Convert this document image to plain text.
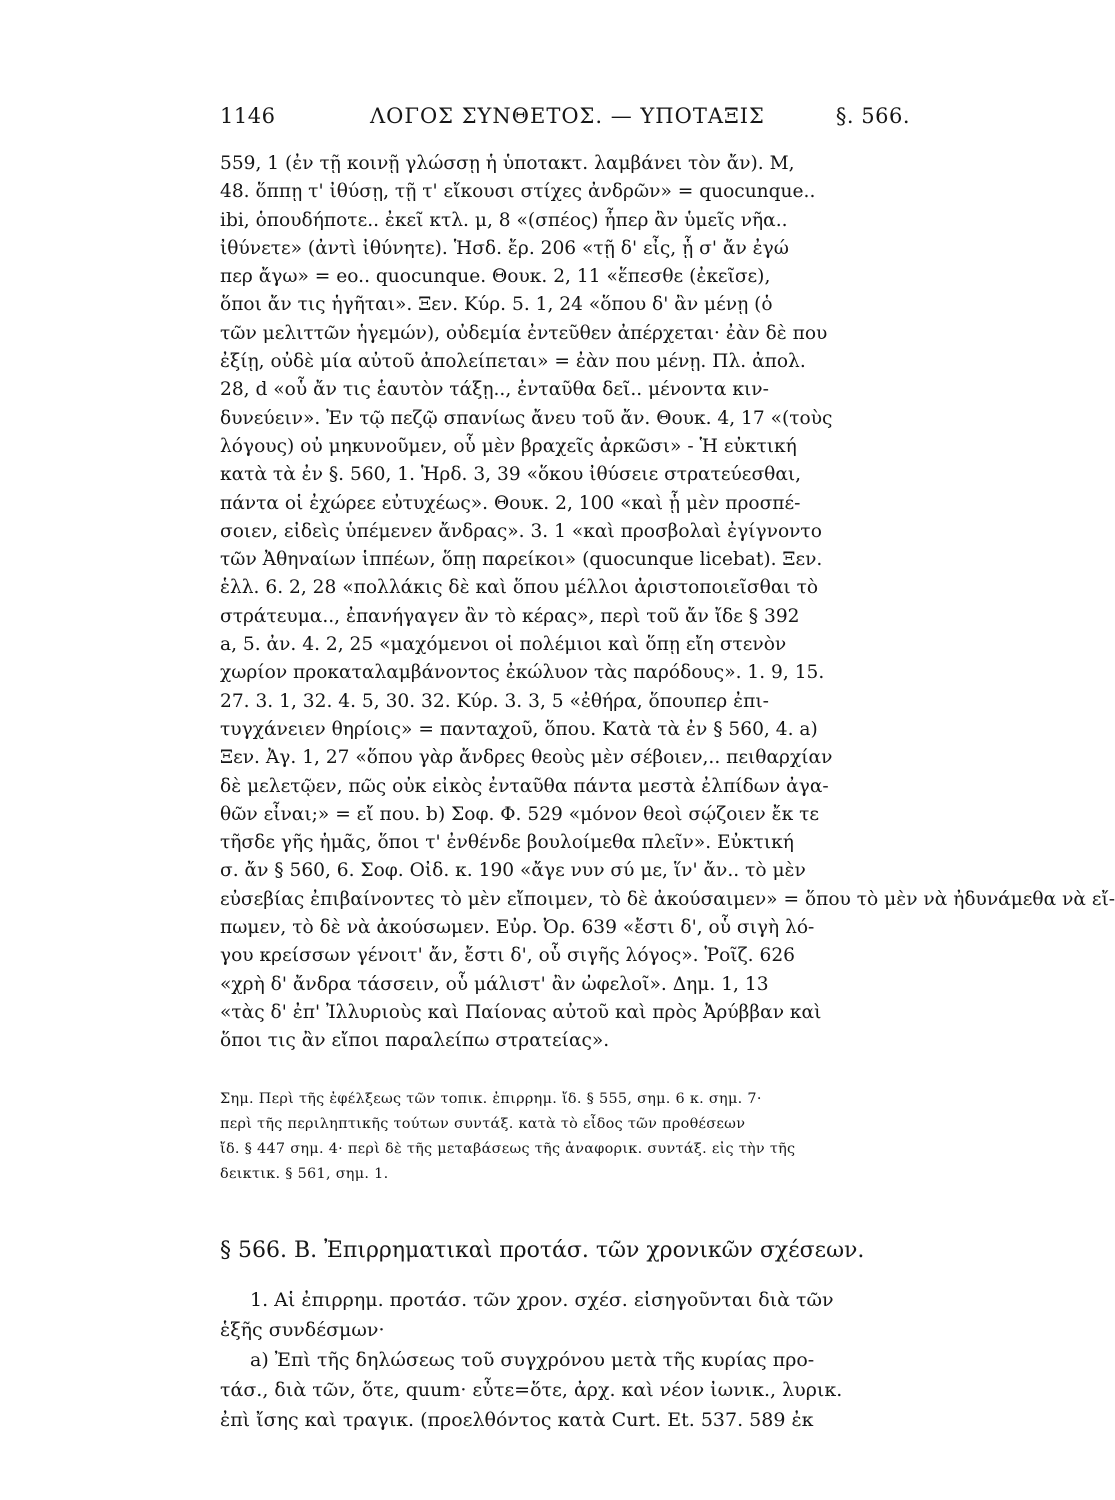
1146	ΛΟΓΟΣ ΣΥΝΘΕΤΟΣ. — ΥΠΟΤΑΞΙΣ	§. 566.
559, 1 (ἐν τῇ κοινῇ γλώσσῃ ἡ ὑποτακτ. λαμβάνει τὸν ἄν). Μ,
48. ὅππῃ τ' ἰθύσῃ, τῇ τ' εἴκουσι στίχες ἀνδρῶν» = quocunque..
ibi, ὁπουδήποτε.. ἐκεῖ κτλ. μ, 8 «(σπέος) ἧπερ ἂν ὑμεῖς νῆα..
ἰθύνετε» (ἀντὶ ἰθύνητε). Ἡσδ. ἔρ. 206 «τῇ δ' εἶς, ᾗ σ' ἄν ἐγώ
περ ἄγω» = eo.. quocunque. Θουκ. 2, 11 «ἕπεσθε (ἐκεῖσε),
ὅποι ἄν τις ἡγῆται». Ξεν. Κύρ. 5. 1, 24 «ὅπου δ' ἂν μένῃ (ὁ
τῶν μελιττῶν ἡγεμών), οὐδεμία ἐντεῦθεν ἀπέρχεται· ἐὰν δὲ που
ἐξίῃ, οὐδὲ μία αὐτοῦ ἀπολείπεται» = ἐὰν που μένῃ. Πλ. ἀπολ.
28, d «οὗ ἄν τις ἑαυτὸν τάξῃ.., ἐνταῦθα δεῖ.. μένοντα κιν-
δυνεύειν». Ἐν τῷ πεζῷ σπανίως ἄνευ τοῦ ἄν. Θουκ. 4, 17 «(τοὺς
λόγους) οὐ μηκυνοῦμεν, οὗ μὲν βραχεῖς ἀρκῶσι» - Ἡ εὐκτική
κατὰ τὰ ἐν §. 560, 1. Ἡρδ. 3, 39 «ὅκου ἰθύσειε στρατεύεσθαι,
πάντα οἱ ἐχώρεε εὐτυχέως». Θουκ. 2, 100 «καὶ ᾗ μὲν προσπέ-
σοιεν, εἰδεὶς ὑπέμενεν ἄνδρας». 3. 1 «καὶ προσβολαὶ ἐγίγνοντο
τῶν Ἀθηναίων ἱππέων, ὅπῃ παρείκοι» (quocunque licebat). Ξεν.
ἑλλ. 6. 2, 28 «πολλάκις δὲ καὶ ὅπου μέλλοι ἀριστοποιεῖσθαι τὸ
στράτευμα.., ἐπανήγαγεν ἂν τὸ κέρας», περὶ τοῦ ἄν ἴδε § 392
a, 5. ἀν. 4. 2, 25 «μαχόμενοι οἱ πολέμιοι καὶ ὅπῃ εἴη στενὸν
χωρίον προκαταλαμβάνοντος ἐκώλυον τὰς παρόδους». 1. 9, 15.
27. 3. 1, 32. 4. 5, 30. 32. Κύρ. 3. 3, 5 «ἐθήρα, ὅπουπερ ἐπι-
τυγχάνειεν θηρίοις» = πανταχοῦ, ὅπου. Κατὰ τὰ ἐν § 560, 4. a)
Ξεν. Ἀγ. 1, 27 «ὅπου γὰρ ἄνδρες θεοὺς μὲν σέβοιεν,.. πειθαρχίαν
δὲ μελετῷεν, πῶς οὐκ εἰκὸς ἐνταῦθα πάντα μεστὰ ἐλπίδων ἀγα-
θῶν εἶναι;» = εἴ που. b) Σοφ. Φ. 529 «μόνον θεοὶ σῴζοιεν ἔκ τε
τῆσδε γῆς ἡμᾶς, ὅποι τ' ἐνθένδε βουλοίμεθα πλεῖν». Εὐκτική
σ. ἄν § 560, 6. Σοφ. Οἰδ. κ. 190 «ἄγε νυν σύ με, ἵν' ἄν.. τὸ μὲν
εὐσεβίας ἐπιβαίνοντες τὸ μὲν εἴποιμεν, τὸ δὲ ἀκούσαιμεν» = ὅπου τὸ μὲν νὰ ἠδυνάμεθα νὰ εἴ-
πωμεν, τὸ δὲ νὰ ἀκούσωμεν. Εὐρ. Ὀρ. 639 «ἔστι δ', οὗ σιγὴ λό-
γου κρείσσων γένοιτ' ἄν, ἔστι δ', οὗ σιγῆς λόγος». Ῥοῖζ. 626
«χρὴ δ' ἄνδρα τάσσειν, οὗ μάλιστ' ἂν ὠφελοῖ». Δημ. 1, 13
«τὰς δ' ἐπ' Ἰλλυριοὺς καὶ Παίονας αὐτοῦ καὶ πρὸς Ἀρύββαν καὶ
ὅποι τις ἂν εἴποι παραλείπω στρατείας».
Σημ. Περὶ τῆς ἐφέλξεως τῶν τοπικ. ἐπιρρημ. ἴδ. § 555, σημ. 6 κ. σημ. 7·
περὶ τῆς περιληπτικῆς τούτων συντάξ. κατὰ τὸ εἶδος τῶν προθέσεων
ἴδ. § 447 σημ. 4· περὶ δὲ τῆς μεταβάσεως τῆς ἀναφορικ. συντάξ. εἰς τὴν τῆς
δεικτικ. § 561, σημ. 1.
§ 566. Β. Ἐπιρρηματικαὶ προτάσ. τῶν χρονικῶν σχέσεων.
1. Αἱ ἐπιρρημ. προτάσ. τῶν χρον. σχέσ. εἰσηγοῦνται διὰ τῶν
ἑξῆς συνδέσμων·
a) Ἐπὶ τῆς δηλώσεως τοῦ συγχρόνου μετὰ τῆς κυρίας προ-
τάσ., διὰ τῶν, ὅτε, quum· εὖτε=ὅτε, ἀρχ. καὶ νέον ἰωνικ., λυρικ.
ἐπὶ ἴσης καὶ τραγικ. (προελθόντος κατὰ Curt. Et. 537. 589 ἐκ
